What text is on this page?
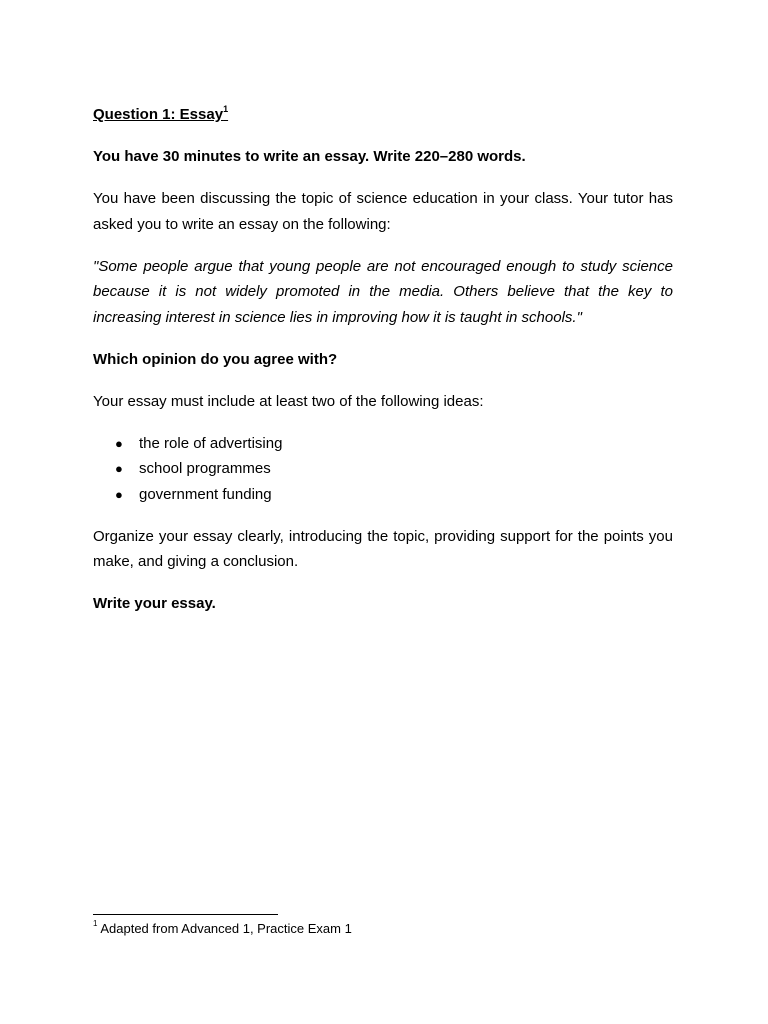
Question 1: Essay$^1$

You have 30 minutes to write an essay. Write 220–280 words.

You have been discussing the topic of science education in your class. Your tutor has asked you to write an essay on the following:

"Some people argue that young people are not encouraged enough to study science because it is not widely promoted in the media. Others believe that the key to increasing interest in science lies in improving how it is taught in schools."

Which opinion do you agree with?

Your essay must include at least two of the following ideas:

● the role of advertising
● school programmes
● government funding

Organize your essay clearly, introducing the topic, providing support for the points you make, and giving a conclusion.

Write your essay.

$^1$ Adapted from Advanced 1, Practice Exam 1
